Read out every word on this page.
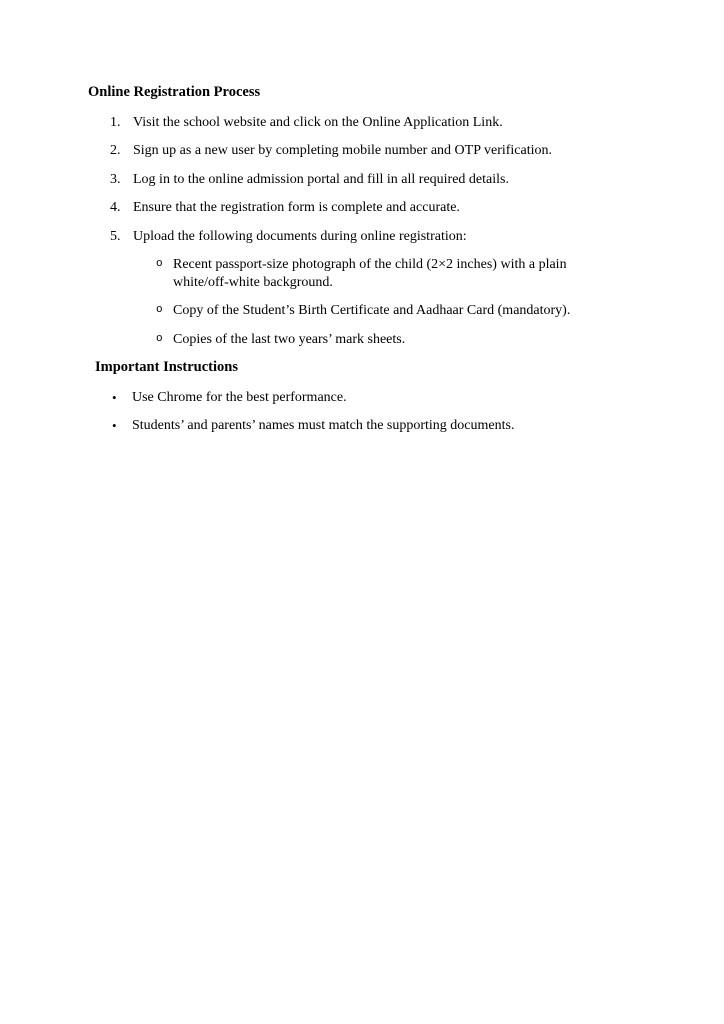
Online Registration Process
1. Visit the school website and click on the Online Application Link.
2. Sign up as a new user by completing mobile number and OTP verification.
3. Log in to the online admission portal and fill in all required details.
4. Ensure that the registration form is complete and accurate.
5. Upload the following documents during online registration:
o Recent passport-size photograph of the child (2×2 inches) with a plain white/off-white background.
o Copy of the Student’s Birth Certificate and Aadhaar Card (mandatory).
o Copies of the last two years’ mark sheets.
Important Instructions
•	Use Chrome for the best performance.
•	Students’ and parents’ names must match the supporting documents.
